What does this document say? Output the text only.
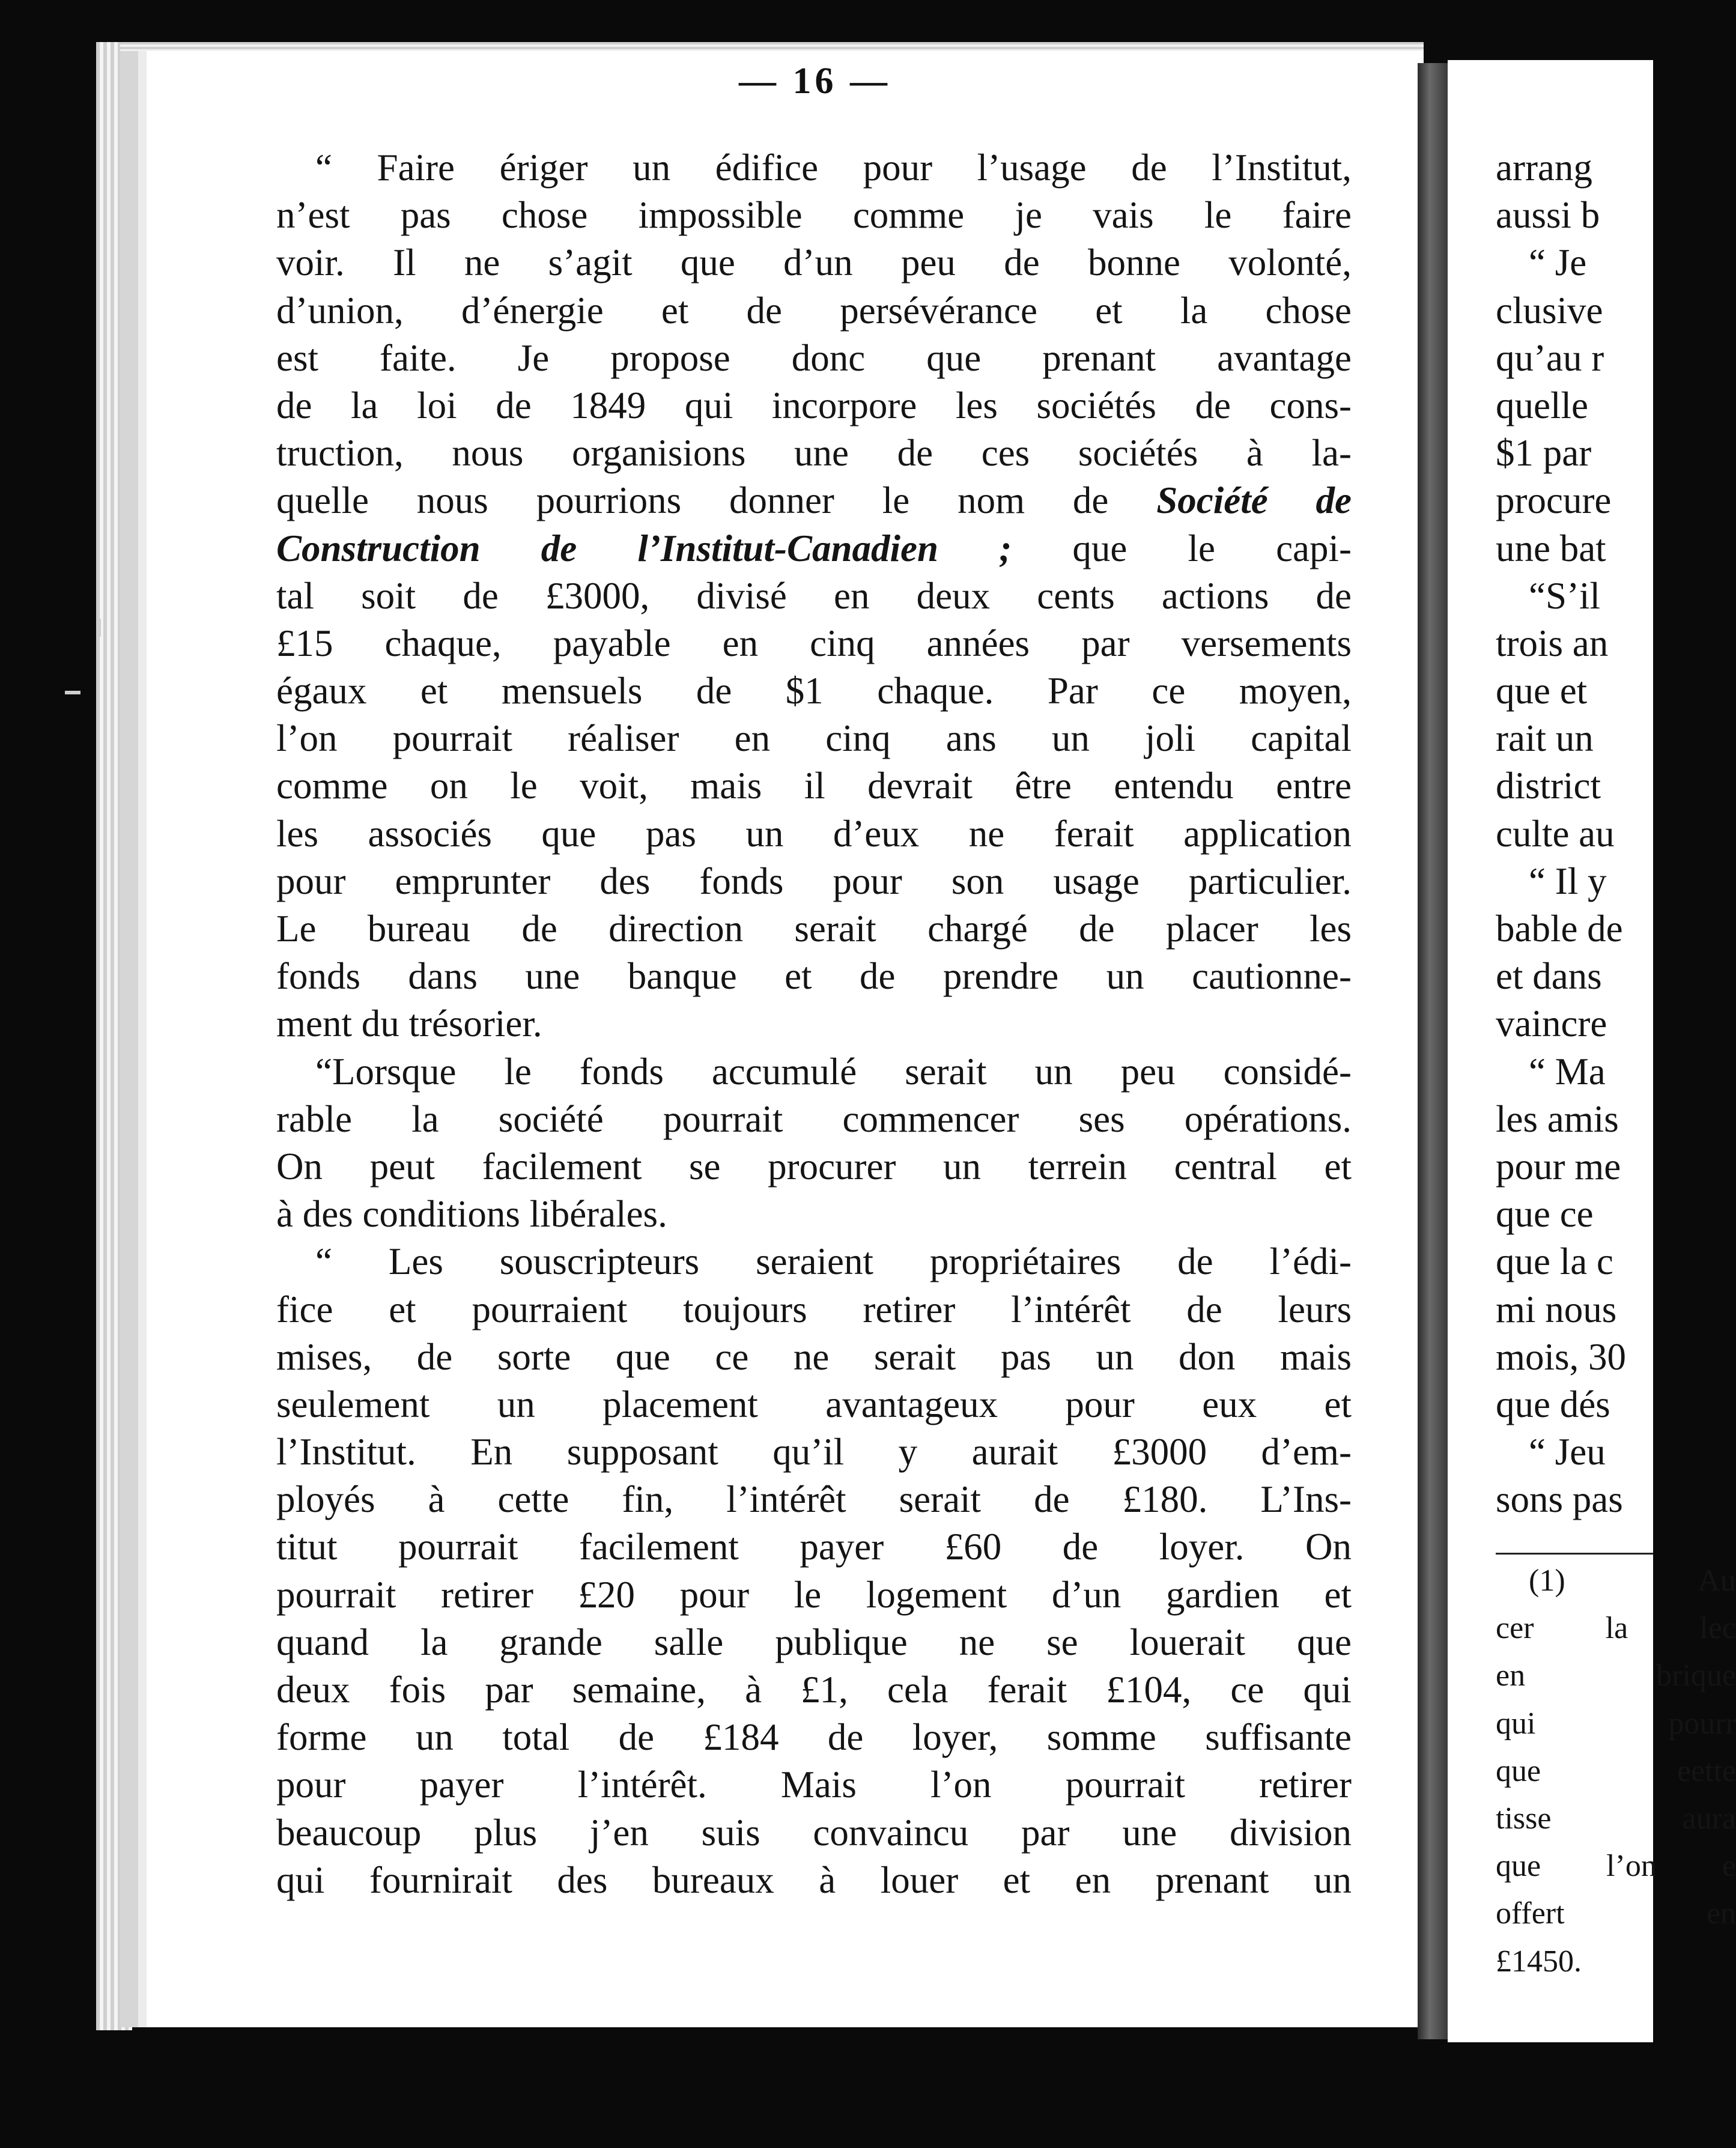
— 16 —
“ Faire ériger un édifice pour l’usage de l’Institut,
n’est pas chose impossible comme je vais le faire
voir. Il ne s’agit que d’un peu de bonne volonté,
d’union, d’énergie et de persévérance et la chose
est faite. Je propose donc que prenant avantage
de la loi de 1849 qui incorpore les sociétés de cons-
truction, nous organisions une de ces sociétés à la-
quelle nous pourrions donner le nom de Société de
Construction de l’Institut-Canadien ; que le capi-
tal soit de £3000, divisé en deux cents actions de
£15 chaque, payable en cinq années par versements
égaux et mensuels de $1 chaque. Par ce moyen,
l’on pourrait réaliser en cinq ans un joli capital
comme on le voit, mais il devrait être entendu entre
les associés que pas un d’eux ne ferait application
pour emprunter des fonds pour son usage particulier.
Le bureau de direction serait chargé de placer les
fonds dans une banque et de prendre un cautionne-
ment du trésorier.
“Lorsque le fonds accumulé serait un peu considé-
rable la société pourrait commencer ses opérations.
On peut facilement se procurer un terrein central et
à des conditions libérales.
“ Les souscripteurs seraient propriétaires de l’édi-
fice et pourraient toujours retirer l’intérêt de leurs
mises, de sorte que ce ne serait pas un don mais
seulement un placement avantageux pour eux et
l’Institut. En supposant qu’il y aurait £3000 d’em-
ployés à cette fin, l’intérêt serait de £180. L’Ins-
titut pourrait facilement payer £60 de loyer. On
pourrait retirer £20 pour le logement d’un gardien et
quand la grande salle publique ne se louerait que
deux fois par semaine, à £1, cela ferait £104, ce qui
forme un total de £184 de loyer, somme suffisante
pour payer l’intérêt. Mais l’on pourrait retirer
beaucoup plus j’en suis convaincu par une division
qui fournirait des bureaux à louer et en prenant un
arrang
aussi b
“ Je
clusive
qu’au r
quelle
$1 par
procure
une bat
“S’il
trois an
que et
rait un
district
culte au
“ Il y
bable de
et dans
vaincre
“ Ma
les amis
pour me
que ce
que la c
mi nous
mois, 30
que dés
“ Jeu
sons pas
(1) Au
cer la lec
en brique
qui pourr
que eette
tisse aura
que l’on e
offert en
£1450.
